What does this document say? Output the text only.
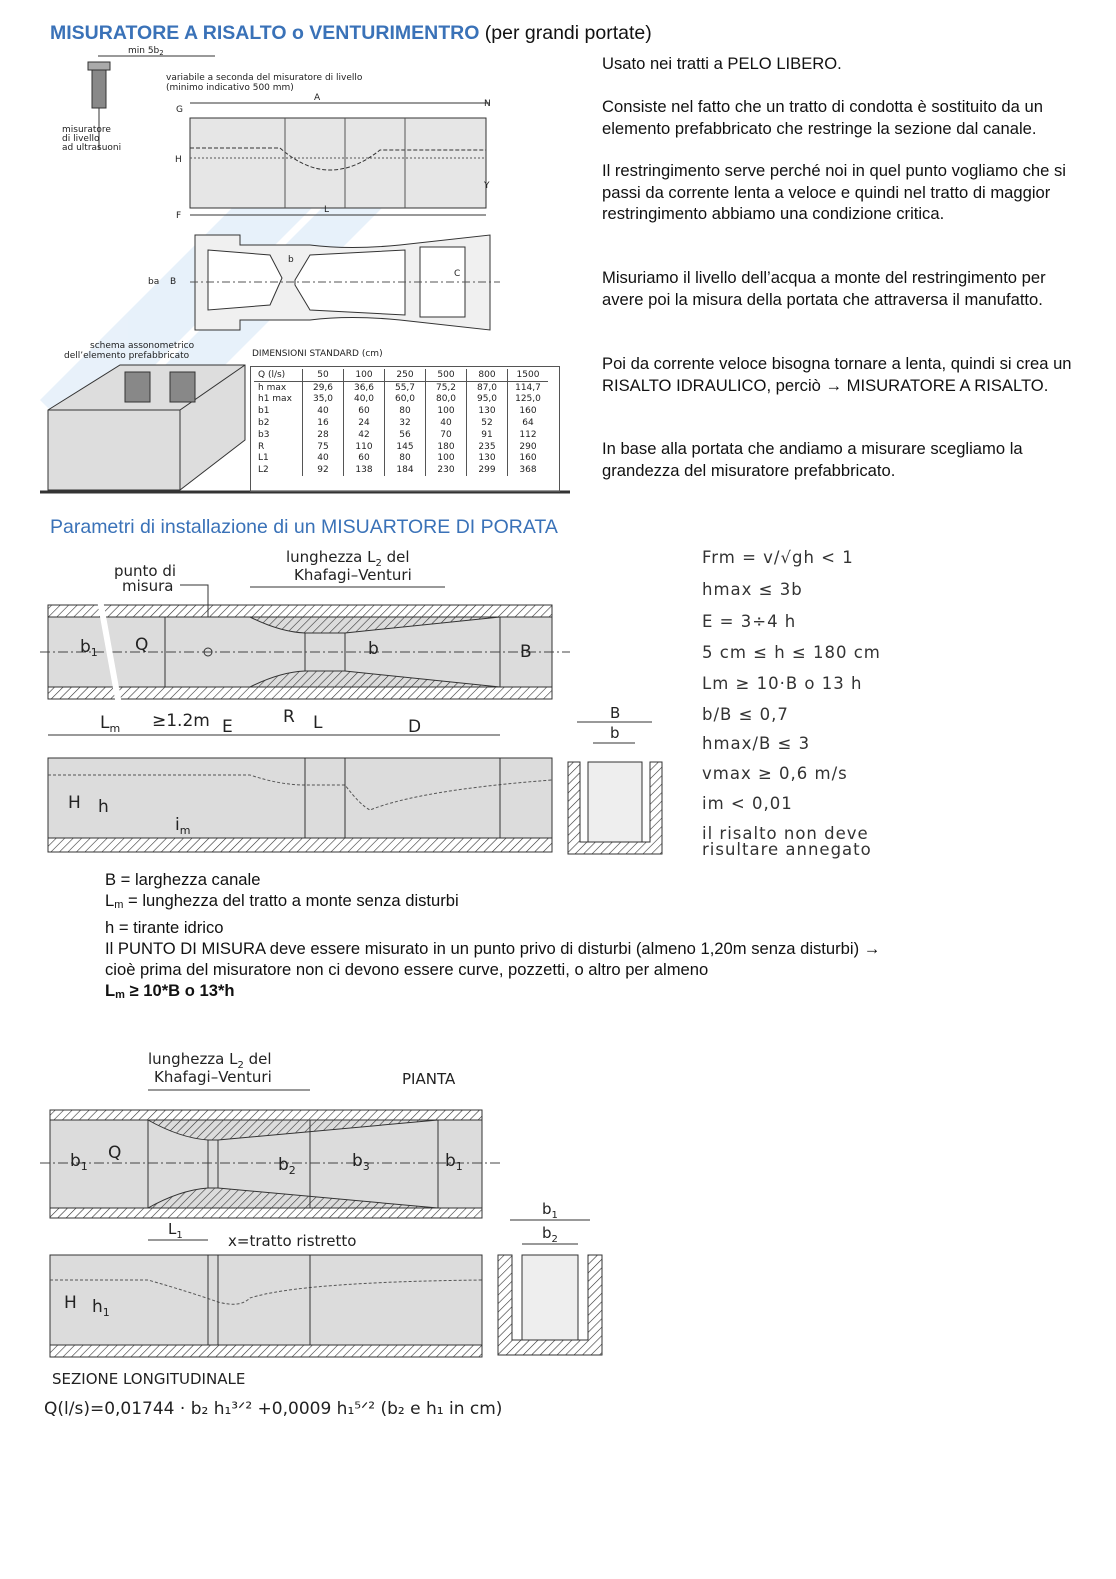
MISURATORE A RISALTO o VENTURIMENTRO (per grandi portate)
Usato nei tratti a PELO LIBERO.
Consiste nel fatto che un tratto di condotta è sostituito da un elemento prefabbricato che restringe la sezione dal canale.
Il restringimento serve perché noi in quel punto vogliamo che si passi da corrente lenta a veloce e quindi nel tratto di maggior restringimento abbiamo una condizione critica.
Misuriamo il livello dell’acqua a monte del restringimento per avere poi la misura della portata che attraversa il manufatto.
Poi da corrente veloce bisogna tornare a lenta, quindi si crea un RISALTO IDRAULICO, perciò → MISURATORE A RISALTO.
In base alla portata che andiamo a misurare scegliamo la grandezza del misuratore prefabbricato.
$\min 5b_2$
variabile a seconda del misuratore di livello
(minimo indicativo 500 mm)
misuratore
di livello
ad ultrasuoni
A
G
N
H
F
Y
L
b
ba B
C
schema assonometrico
dell’elemento prefabbricato	DIMENSIONI STANDARD (cm)
Q (l/s)	50	100	250	500	800	1500
h max	29,6	36,6	55,7	75,2	87,0	114,7
h1 max	35,0	40,0	60,0	80,0	95,0	125,0
b1	40	60	80	100	130	160
b2	16	24	32	40	52	64
b3	28	42	56	70	91	112
R	75	110	145	180	235	290
L1	40	60	80	100	130	160
L2	92	138	184	230	299	368
Parametri di installazione di un MISUARTORE DI PORATA
lunghezza $L_2$ del
Khafagi–Venturi
punto di
misura
$b_1$ Q	b	B
$L_m \ge 1.2m$ E	R L	D
H h
$i_m$
B
b
Frm = v/√gh < 1
hmax ≤ 3b
E = 3÷4 h
5 cm ≤ h ≤ 180 cm
Lm ≥ 10·B o 13 h
b/B ≤ 0,7
hmax/B ≤ 3
vmax ≥ 0,6 m/s
im < 0,01
il risalto non deve
risultare annegato
B = larghezza canale
Lm = lunghezza del tratto a monte senza disturbi
h = tirante idrico
Il PUNTO DI MISURA deve essere misurato in un punto privo di disturbi (almeno 1,20m senza disturbi) →
cioè prima del misuratore non ci devono essere curve, pozzetti, o altro per almeno
Lm ≥ 10*B o 13*h
lunghezza $L_2$ del
Khafagi–Venturi	PIANTA
$b_1$
Q
$b_2$	$b_3$	$b_1$
$L_1$	x=tratto ristretto
H $h_1$
SEZIONE LONGITUDINALE
Q(l/s)=0,01744 · b₂ h₁³ᐟ² +0,0009 h₁⁵ᐟ² (b₂ e h₁ in cm)
$b_1$
$b_2$
